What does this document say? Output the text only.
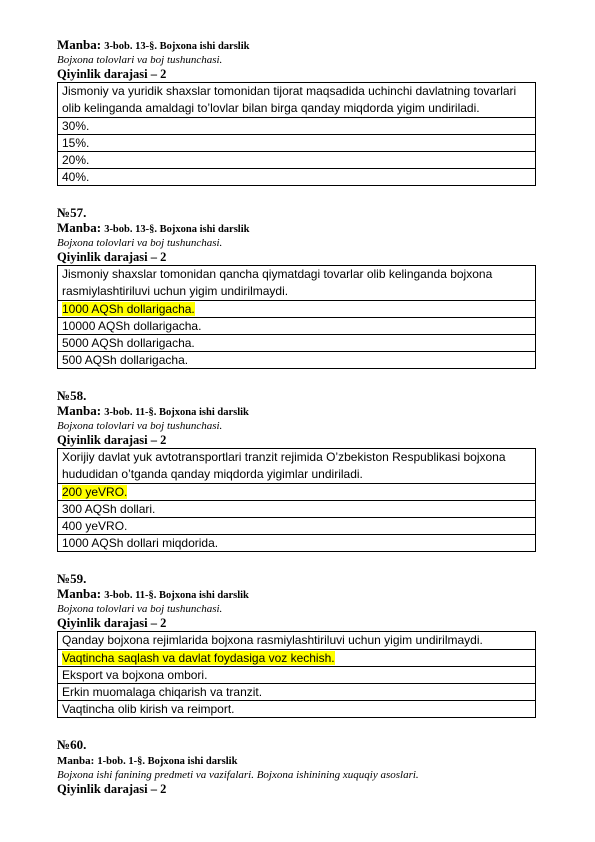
Manba: 3-bob. 13-§. Bojxona ishi darslik
Bojxona tolovlari va boj tushunchasi.
Qiyinlik darajasi – 2
Jismoniy va yuridik shaxslar tomonidan tijorat maqsadida uchinchi davlatning tovarlari olib kelinganda amaldagi to’lovlar bilan birga qanday miqdorda yigim undiriladi.
30%.
15%.
20%.
40%.
№57.
Manba: 3-bob. 13-§. Bojxona ishi darslik
Bojxona tolovlari va boj tushunchasi.
Qiyinlik darajasi – 2
Jismoniy shaxslar tomonidan qancha qiymatdagi tovarlar olib kelinganda bojxona rasmiylashtiriluvi uchun yigim undirilmaydi.
1000 AQSh dollarigacha.
10000 AQSh dollarigacha.
5000 AQSh dollarigacha.
500 AQSh dollarigacha.
№58.
Manba: 3-bob. 11-§. Bojxona ishi darslik
Bojxona tolovlari va boj tushunchasi.
Qiyinlik darajasi – 2
Xorijiy davlat yuk avtotransportlari tranzit rejimida O’zbekiston Respublikasi bojxona hududidan o’tganda qanday miqdorda yigimlar undiriladi.
200 yeVRO.
300 AQSh dollari.
400 yeVRO.
1000 AQSh dollari miqdorida.
№59.
Manba: 3-bob. 11-§. Bojxona ishi darslik
Bojxona tolovlari va boj tushunchasi.
Qiyinlik darajasi – 2
Qanday bojxona rejimlarida bojxona rasmiylashtiriluvi uchun yigim undirilmaydi.
Vaqtincha saqlash va davlat foydasiga voz kechish.
Eksport va bojxona ombori.
Erkin muomalaga chiqarish va tranzit.
Vaqtincha olib kirish va reimport.
№60.
Manba: 1-bob. 1-§. Bojxona ishi darslik
Bojxona ishi fanining predmeti va vazifalari. Bojxona ishinining xuquqiy asoslari.
Qiyinlik darajasi – 2
